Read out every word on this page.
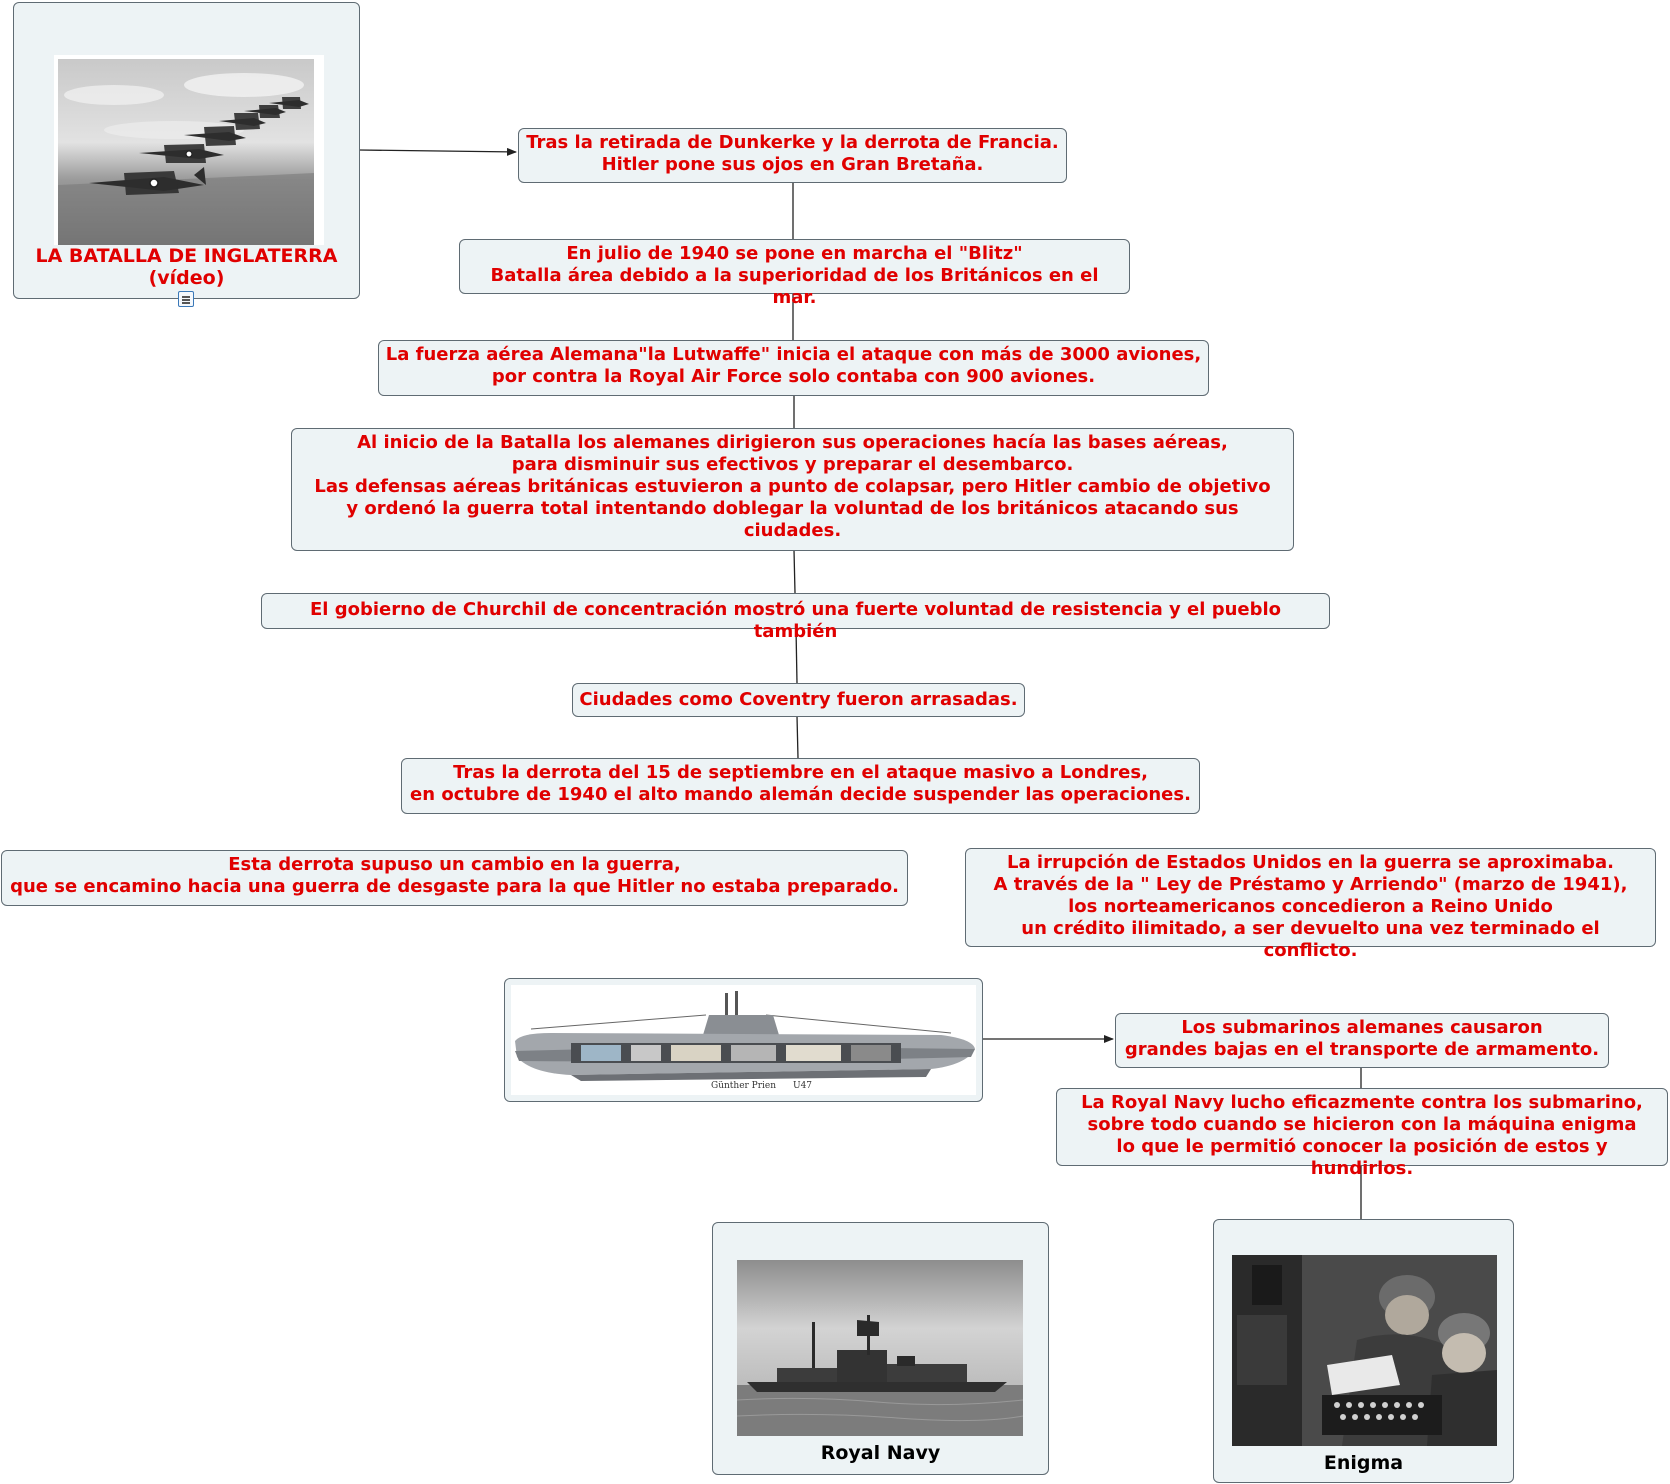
LA BATALLA DE INGLATERRA
(vídeo)
Tras la retirada de Dunkerke y la derrota de Francia.
Hitler pone sus ojos en Gran Bretaña.
En julio de 1940 se pone en marcha el "Blitz"
Batalla área debido a la superioridad de los Británicos en el mar.
La fuerza aérea Alemana"la Lutwaffe" inicia el ataque con más de 3000 aviones,
por contra la Royal Air Force solo contaba con 900 aviones.
Al inicio de la Batalla los alemanes dirigieron sus operaciones hacía las bases aéreas,
para disminuir sus efectivos y preparar el desembarco.
Las defensas aéreas británicas estuvieron a punto de colapsar, pero Hitler cambio de objetivo
y ordenó la guerra total intentando doblegar la voluntad de los británicos atacando sus ciudades.
El gobierno de Churchil de concentración mostró una fuerte voluntad de resistencia y el pueblo también
Ciudades como Coventry fueron arrasadas.
Tras la derrota del 15 de septiembre en el ataque masivo a Londres,
en octubre de 1940 el alto mando alemán decide suspender las operaciones.
Esta derrota supuso un cambio en la guerra,
que se encamino hacia una guerra de desgaste para la que Hitler no estaba preparado.
La irrupción de Estados Unidos en la guerra se aproximaba.
A través de la " Ley de Préstamo y Arriendo" (marzo de 1941),
los norteamericanos concedieron a Reino Unido
un crédito ilimitado, a ser devuelto una vez terminado el conflicto.
Günther Prien U47
Los submarinos alemanes causaron
grandes bajas en el transporte de armamento.
La Royal Navy lucho eficazmente contra los submarino,
sobre todo cuando se hicieron con la máquina enigma
lo que le permitió conocer la posición de estos y hundirlos.
Royal Navy	Enigma
